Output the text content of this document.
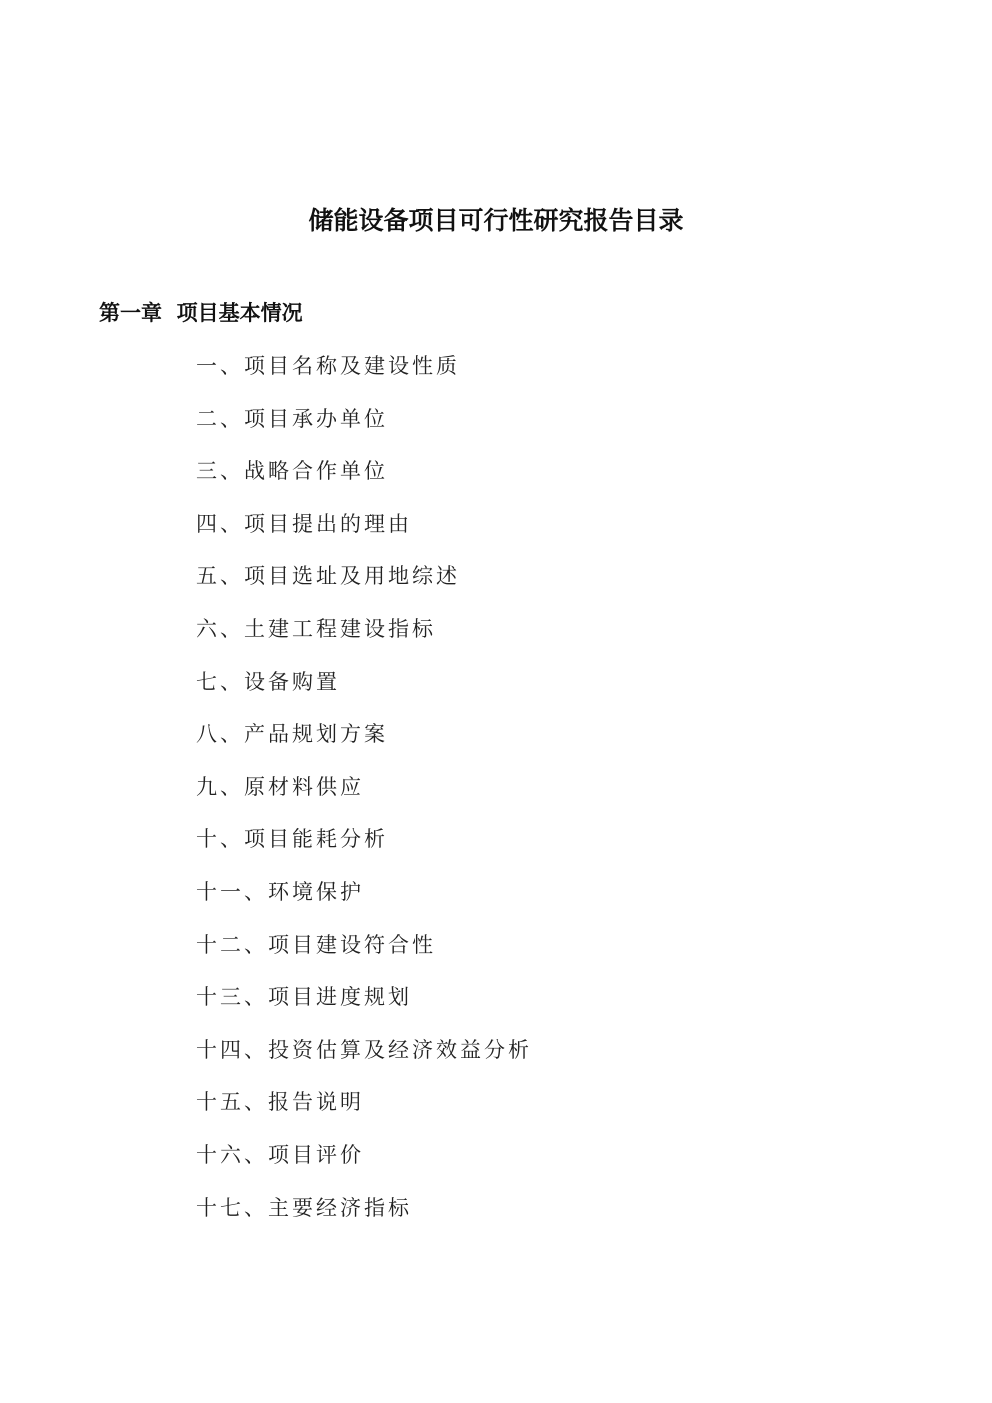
储能设备项目可行性研究报告目录
第一章  项目基本情况
一、项目名称及建设性质
二、项目承办单位
三、战略合作单位
四、项目提出的理由
五、项目选址及用地综述
六、土建工程建设指标
七、设备购置
八、产品规划方案
九、原材料供应
十、项目能耗分析
十一、环境保护
十二、项目建设符合性
十三、项目进度规划
十四、投资估算及经济效益分析
十五、报告说明
十六、项目评价
十七、主要经济指标
